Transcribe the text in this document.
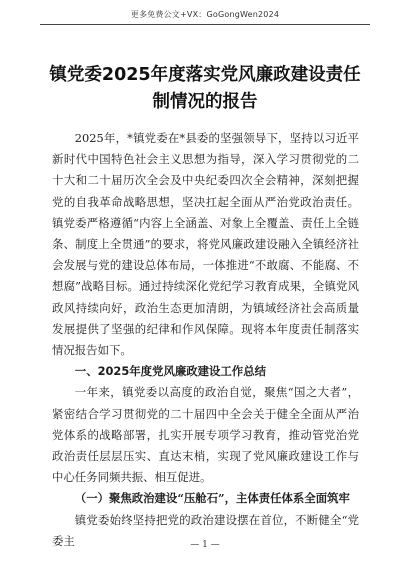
更多免费公文+VX：GoGongWen2024
镇党委2025年度落实党风廉政建设责任
制情况的报告

2025年，*镇党委在*县委的坚强领导下，坚持以习近平新时代中国特色社会主义思想为指导，深入学习贯彻党的二十大和二十届历次全会及中央纪委四次全会精神，深刻把握党的自我革命战略思想，坚决扛起全面从严治党政治责任。镇党委严格遵循“内容上全涵盖、对象上全覆盖、责任上全链条、制度上全贯通”的要求，将党风廉政建设融入全镇经济社会发展与党的建设总体布局，一体推进“不敢腐、不能腐、不想腐”战略目标。通过持续深化党纪学习教育成果，全镇党风政风持续向好，政治生态更加清朗，为镇域经济社会高质量发展提供了坚强的纪律和作风保障。现将本年度责任制落实情况报告如下。

一、2025年度党风廉政建设工作总结

一年来，镇党委以高度的政治自觉，聚焦“国之大者”，紧密结合学习贯彻党的二十届四中全会关于健全全面从严治党体系的战略部署，扎实开展专项学习教育，推动管党治党政治责任层层压实、直达末梢，实现了党风廉政建设工作与中心任务同频共振、相互促进。

（一）聚焦政治建设“压舱石”，主体责任体系全面筑牢

镇党委始终坚持把党的政治建设摆在首位，不断健全“党委主	— 1 —
